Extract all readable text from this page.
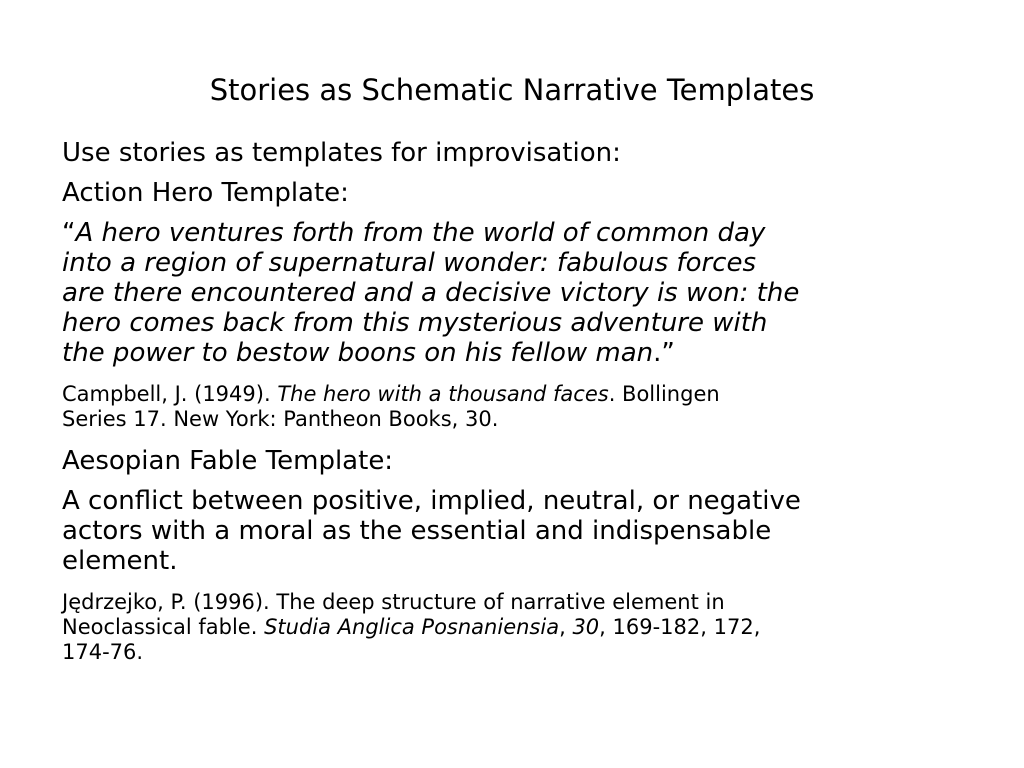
Stories as Schematic Narrative Templates

Use stories as templates for improvisation:

Action Hero Template:

“A hero ventures forth from the world of common day

into a region of supernatural wonder: fabulous forces

are there encountered and a decisive victory is won: the

hero comes back from this mysterious adventure with

the power to bestow boons on his fellow man.”

Campbell, J. (1949). The hero with a thousand faces. Bollingen

Series 17. New York: Pantheon Books, 30.

Aesopian Fable Template:

A conflict between positive, implied, neutral, or negative

actors with a moral as the essential and indispensable

element.

Jędrzejko, P. (1996). The deep structure of narrative element in

Neoclassical fable. Studia Anglica Posnaniensia, 30, 169-182, 172,

174-76.
